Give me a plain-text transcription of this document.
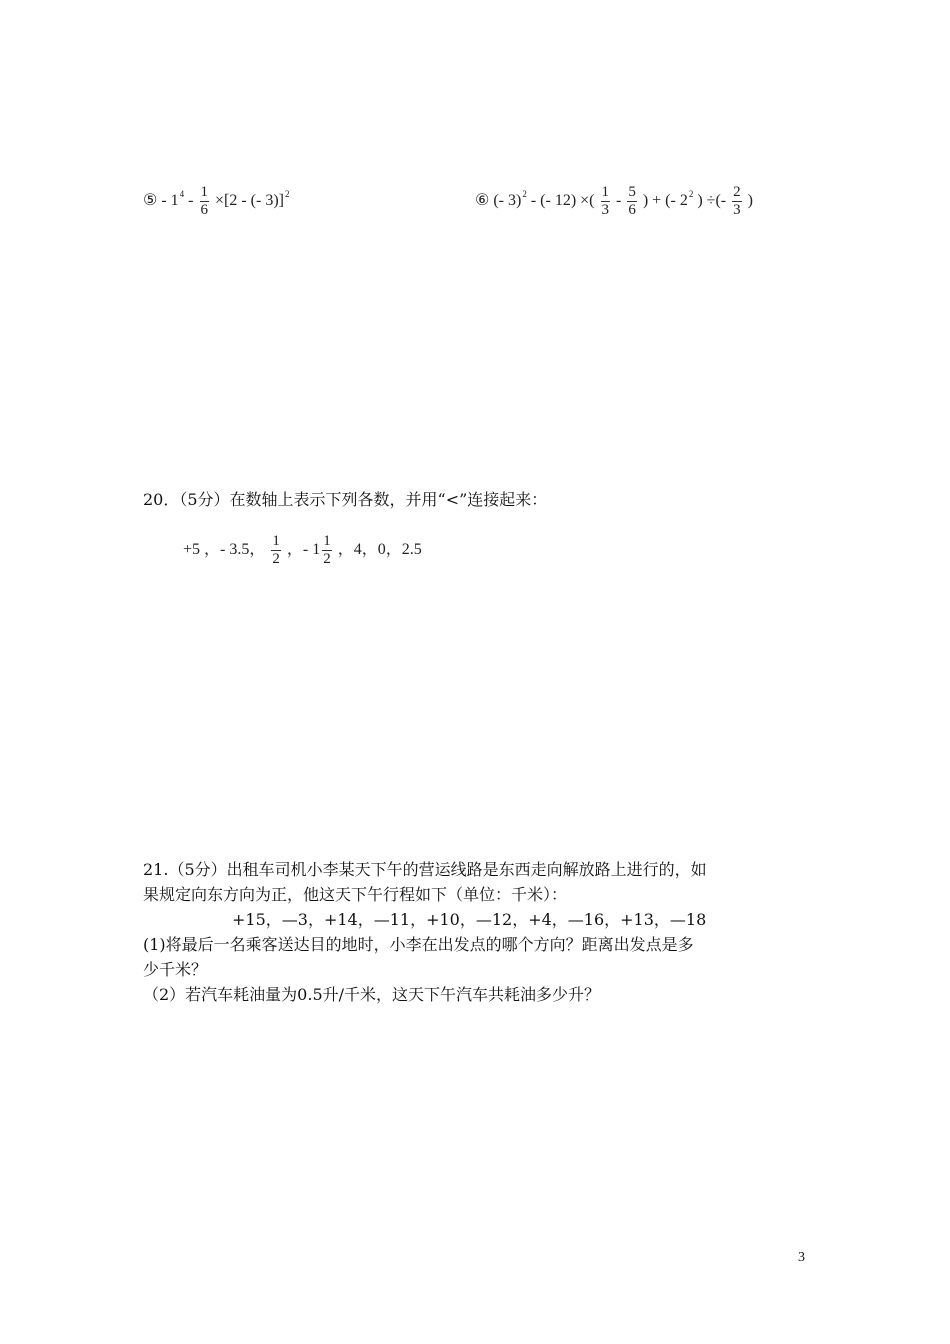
⑤ - $1^4 - \frac{1}{6} \times[2$ - (- 3)]$^2$	⑥ (- 3)$^2$ - (- 12) ×( $\frac{1}{3} - \frac{5}{6}$ ) + (- $2^2$ ) ÷(- $\frac{2}{3}$ )
20．（5分）在数轴上表示下列各数，并用“<”连接起来：
+5 ，- 3.5， $\frac{1}{2}$ ，- $1 \frac{1}{2}$ ，4，0，2.5
21.（5分）出租车司机小李某天下午的营运线路是东西走向解放路上进行的，如
果规定向东方向为正，他这天下午行程如下（单位：千米）：
+15，—3，+14，—11，+10，—12，+4，—16，+13，—18
(1)将最后一名乘客送达目的地时，小李在出发点的哪个方向？距离出发点是多
少千米？
（2）若汽车耗油量为0.5升/千米，这天下午汽车共耗油多少升？
3
